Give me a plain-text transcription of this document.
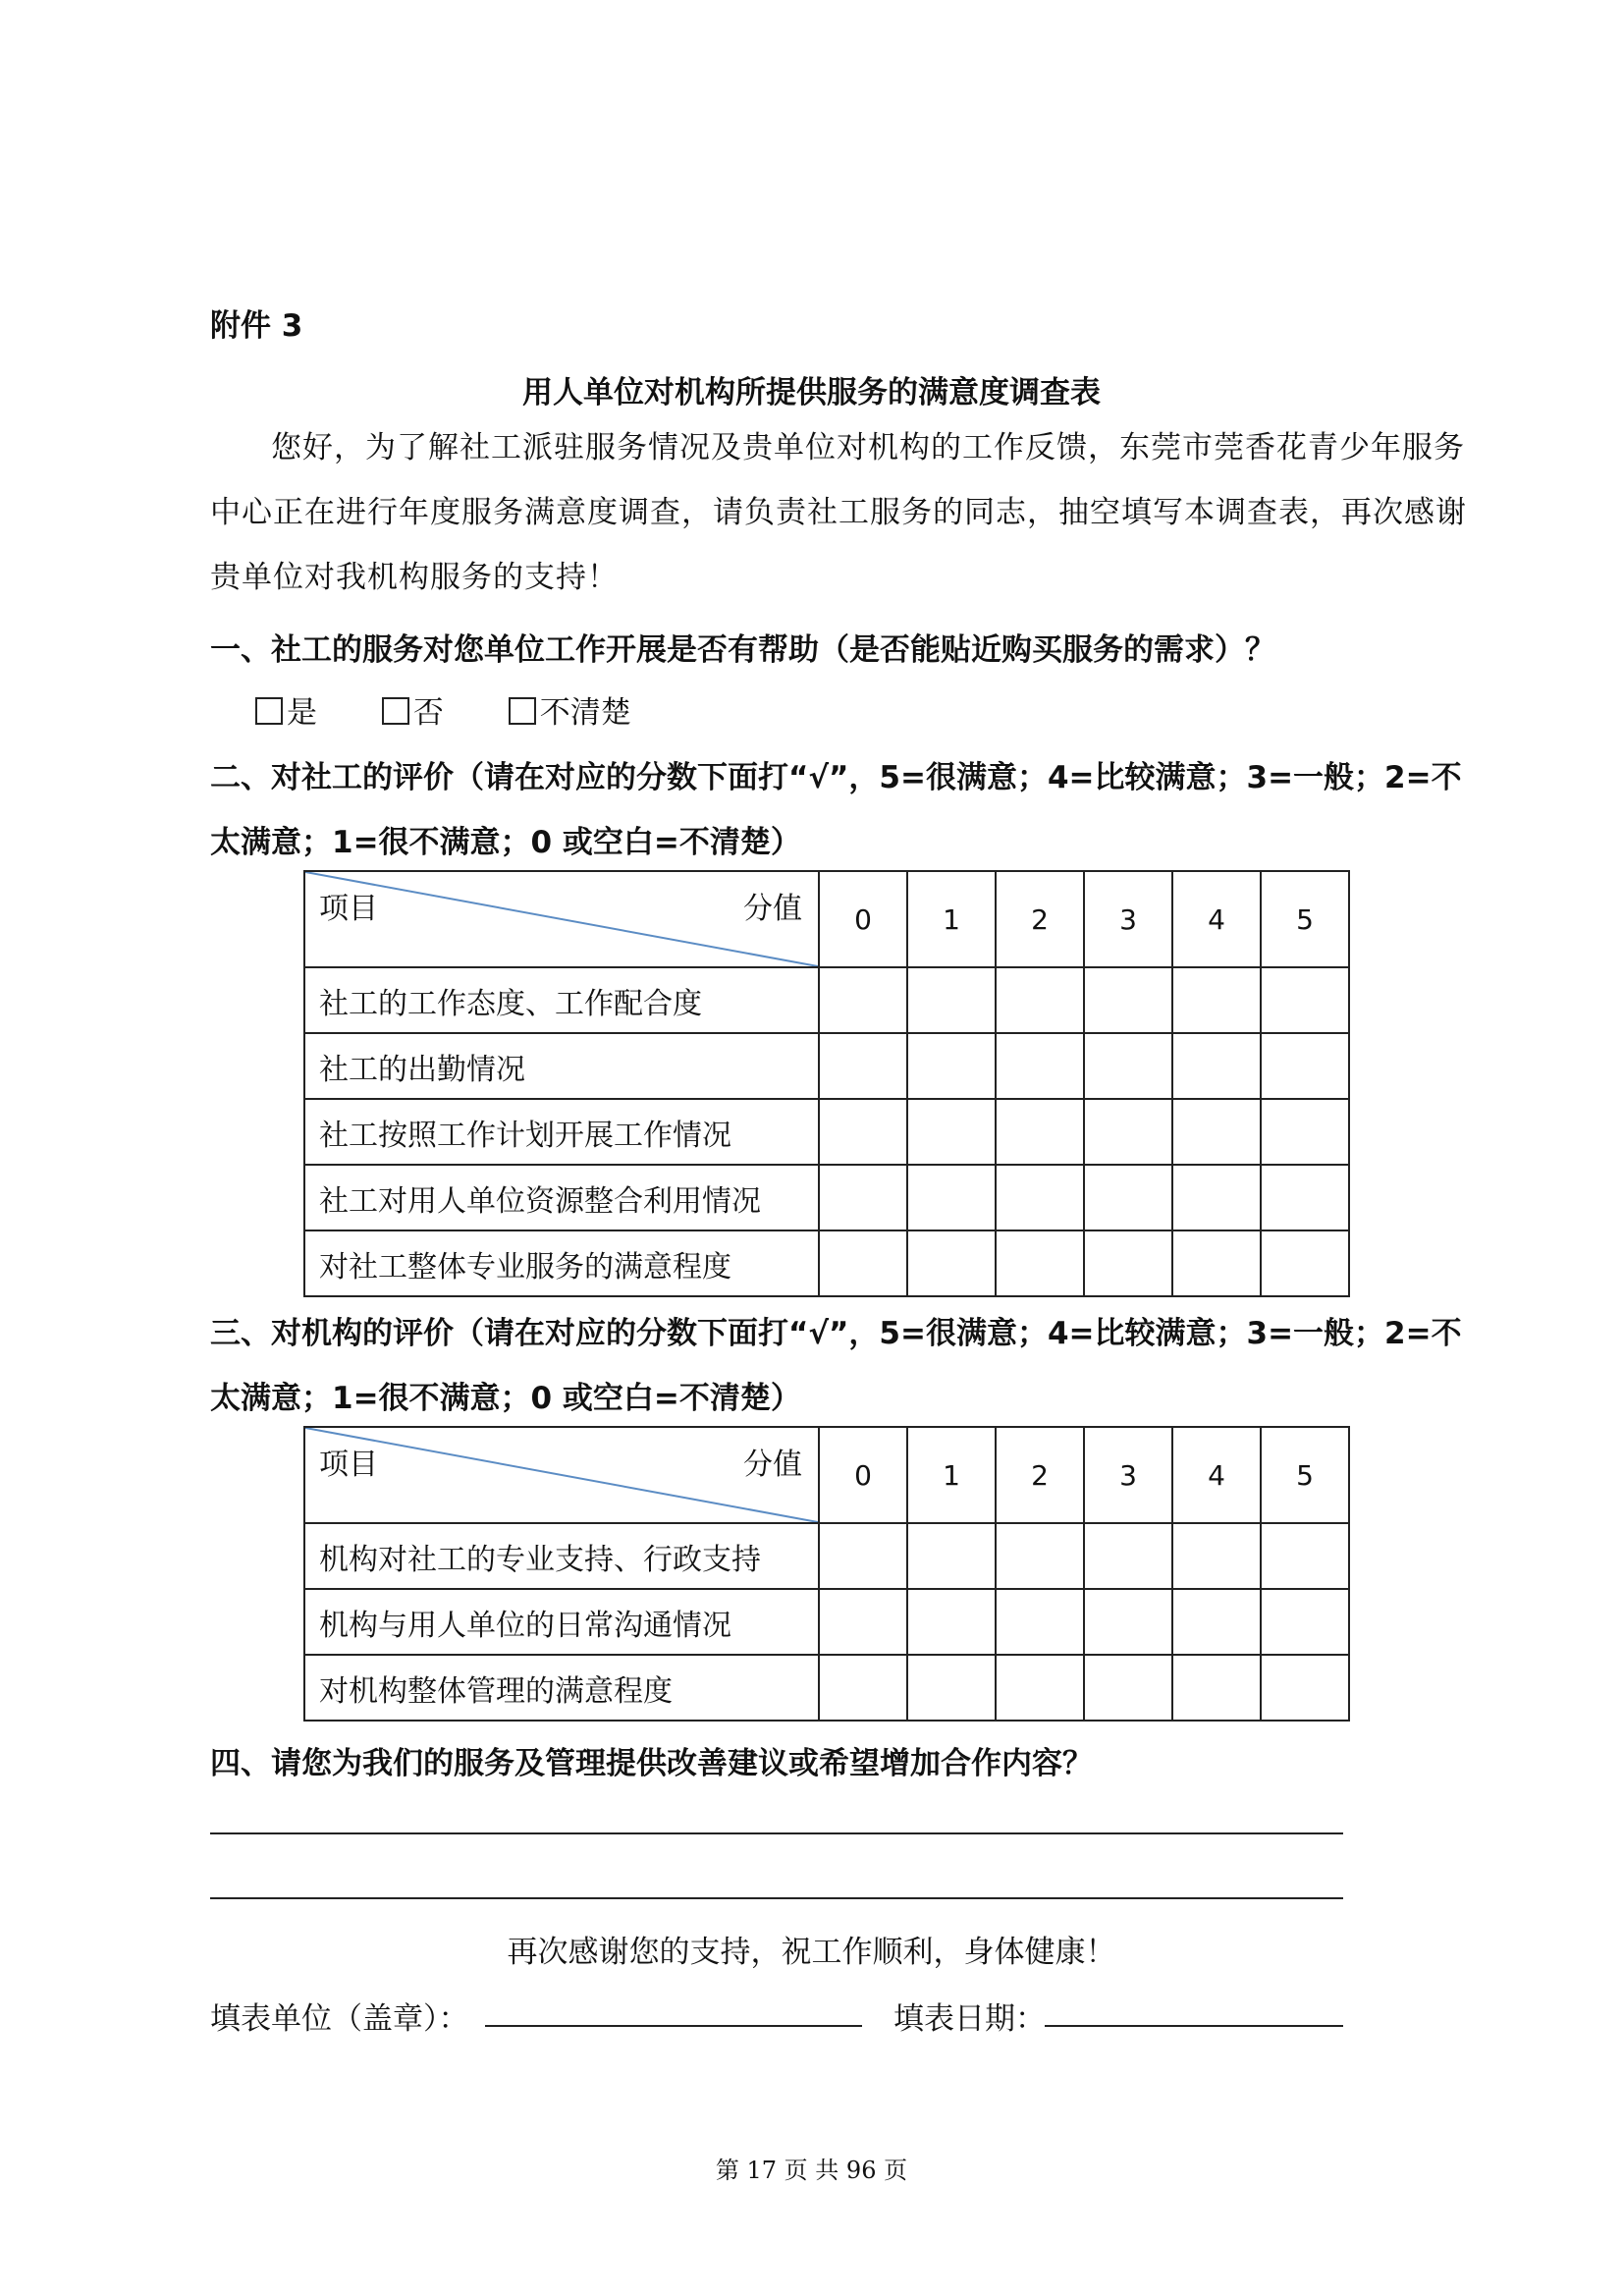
附件 3
用人单位对机构所提供服务的满意度调查表

您好，为了解社工派驻服务情况及贵单位对机构的工作反馈，东莞市莞香花青少年服务

中心正在进行年度服务满意度调查，请负责社工服务的同志，抽空填写本调查表，再次感谢

贵单位对我机构服务的支持！

一、社工的服务对您单位工作开展是否有帮助（是否能贴近购买服务的需求）？
是	否	不清楚
二、对社工的评价（请在对应的分数下面打“√”，5=很满意；4=比较满意；3=一般；2=不
太满意；1=很不满意；0 或空白=不清楚）
项目 分值	0	1	2	3	4	5
社工的工作态度、工作配合度						
社工的出勤情况						
社工按照工作计划开展工作情况						
社工对用人单位资源整合利用情况						
对社工整体专业服务的满意程度						
三、对机构的评价（请在对应的分数下面打“√”，5=很满意；4=比较满意；3=一般；2=不
太满意；1=很不满意；0 或空白=不清楚）
项目 分值	0	1	2	3	4	5
机构对社工的专业支持、行政支持						
机构与用人单位的日常沟通情况						
对机构整体管理的满意程度						
四、请您为我们的服务及管理提供改善建议或希望增加合作内容？
再次感谢您的支持，祝工作顺利，身体健康！
填表单位（盖章）：	填表日期：
第 17 页 共 96 页
